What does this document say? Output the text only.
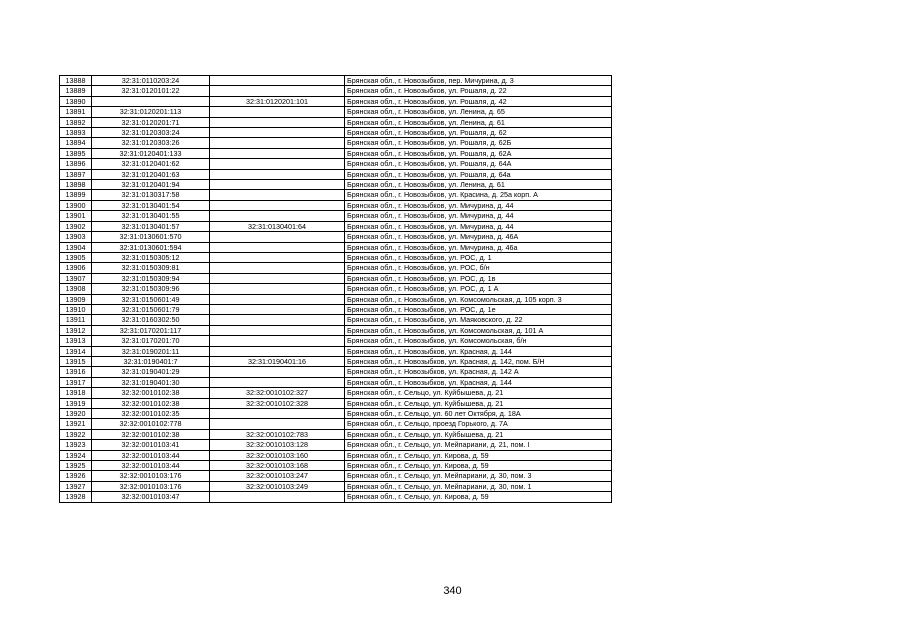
13888	32:31:0110203:24		Брянская обл., г. Новозыбков, пер. Мичурина, д. 3
13889	32:31:0120101:22		Брянская обл., г. Новозыбков, ул. Рошаля, д. 22
13890		32:31:0120201:101	Брянская обл., г. Новозыбков, ул. Рошаля, д. 42
13891	32:31:0120201:113		Брянская обл., г. Новозыбков, ул. Ленина, д. 65
13892	32:31:0120201:71		Брянская обл., г. Новозыбков, ул. Ленина, д. 61
13893	32:31:0120303:24		Брянская обл., г. Новозыбков, ул. Рошаля, д. 62
13894	32:31:0120303:26		Брянская обл., г. Новозыбков, ул. Рошаля, д. 62Б
13895	32:31:0120401:133		Брянская обл., г. Новозыбков, ул. Рошаля, д. 62А
13896	32:31:0120401:62		Брянская обл., г. Новозыбков, ул. Рошаля, д. 64А
13897	32:31:0120401:63		Брянская обл., г. Новозыбков, ул. Рошаля, д. 64а
13898	32:31:0120401:94		Брянская обл., г. Новозыбков, ул. Ленина, д. 61
13899	32:31:0130317:58		Брянская обл., г. Новозыбков, ул. Красина, д. 25а корп. А
13900	32:31:0130401:54		Брянская обл., г. Новозыбков, ул. Мичурина, д. 44
13901	32:31:0130401:55		Брянская обл., г. Новозыбков, ул. Мичурина, д. 44
13902	32:31:0130401:57	32:31:0130401:64	Брянская обл., г. Новозыбков, ул. Мичурина, д. 44
13903	32:31:0130601:570		Брянская обл., г. Новозыбков, ул. Мичурина, д. 46А
13904	32:31:0130601:594		Брянская обл., г. Новозыбков, ул. Мичурина, д. 46а
13905	32:31:0150305:12		Брянская обл., г. Новозыбков, ул. РОС, д. 1
13906	32:31:0150309:81		Брянская обл., г. Новозыбков, ул. РОС, б/н
13907	32:31:0150309:94		Брянская обл., г. Новозыбков, ул. РОС, д. 1в
13908	32:31:0150309:96		Брянская обл., г. Новозыбков, ул. РОС, д. 1 А
13909	32:31:0150601:49		Брянская обл., г. Новозыбков, ул. Комсомольская, д. 105 корп. 3
13910	32:31:0150601:79		Брянская обл., г. Новозыбков, ул. РОС, д. 1е
13911	32:31:0160302:50		Брянская обл., г. Новозыбков, ул. Маяковского, д. 22
13912	32:31:0170201:117		Брянская обл., г. Новозыбков, ул. Комсомольская, д. 101 А
13913	32:31:0170201:70		Брянская обл., г. Новозыбков, ул. Комсомольская, б/н
13914	32:31:0190201:11		Брянская обл., г. Новозыбков, ул. Красная, д. 144
13915	32:31:0190401:7	32:31:0190401:16	Брянская обл., г. Новозыбков, ул. Красная, д. 142, пом. Б/Н
13916	32:31:0190401:29		Брянская обл., г. Новозыбков, ул. Красная, д. 142 А
13917	32:31:0190401:30		Брянская обл., г. Новозыбков, ул. Красная, д. 144
13918	32:32:0010102:38	32:32:0010102:327	Брянская обл., г. Сельцо, ул. Куйбышева, д. 21
13919	32:32:0010102:38	32:32:0010102:328	Брянская обл., г. Сельцо, ул. Куйбышева, д. 21
13920	32:32:0010102:35		Брянская обл., г. Сельцо, ул. 60 лет Октября, д. 18А
13921	32:32:0010102:778		Брянская обл., г. Сельцо, проезд Горького, д. 7А
13922	32:32:0010102:38	32:32:0010102:783	Брянская обл., г. Сельцо, ул. Куйбышева, д. 21
13923	32:32:0010103:41	32:32:0010103:128	Брянская обл., г. Сельцо, ул. Мейпариани, д. 21, пом. I
13924	32:32:0010103:44	32:32:0010103:160	Брянская обл., г. Сельцо, ул. Кирова, д. 59
13925	32:32:0010103:44	32:32:0010103:168	Брянская обл., г. Сельцо, ул. Кирова, д. 59
13926	32:32:0010103:176	32:32:0010103:247	Брянская обл., г. Сельцо, ул. Мейпариани, д. 30, пом. 3
13927	32:32:0010103:176	32:32:0010103:249	Брянская обл., г. Сельцо, ул. Мейпариани, д. 30, пом. 1
13928	32:32:0010103:47		Брянская обл., г. Сельцо, ул. Кирова, д. 59
340
